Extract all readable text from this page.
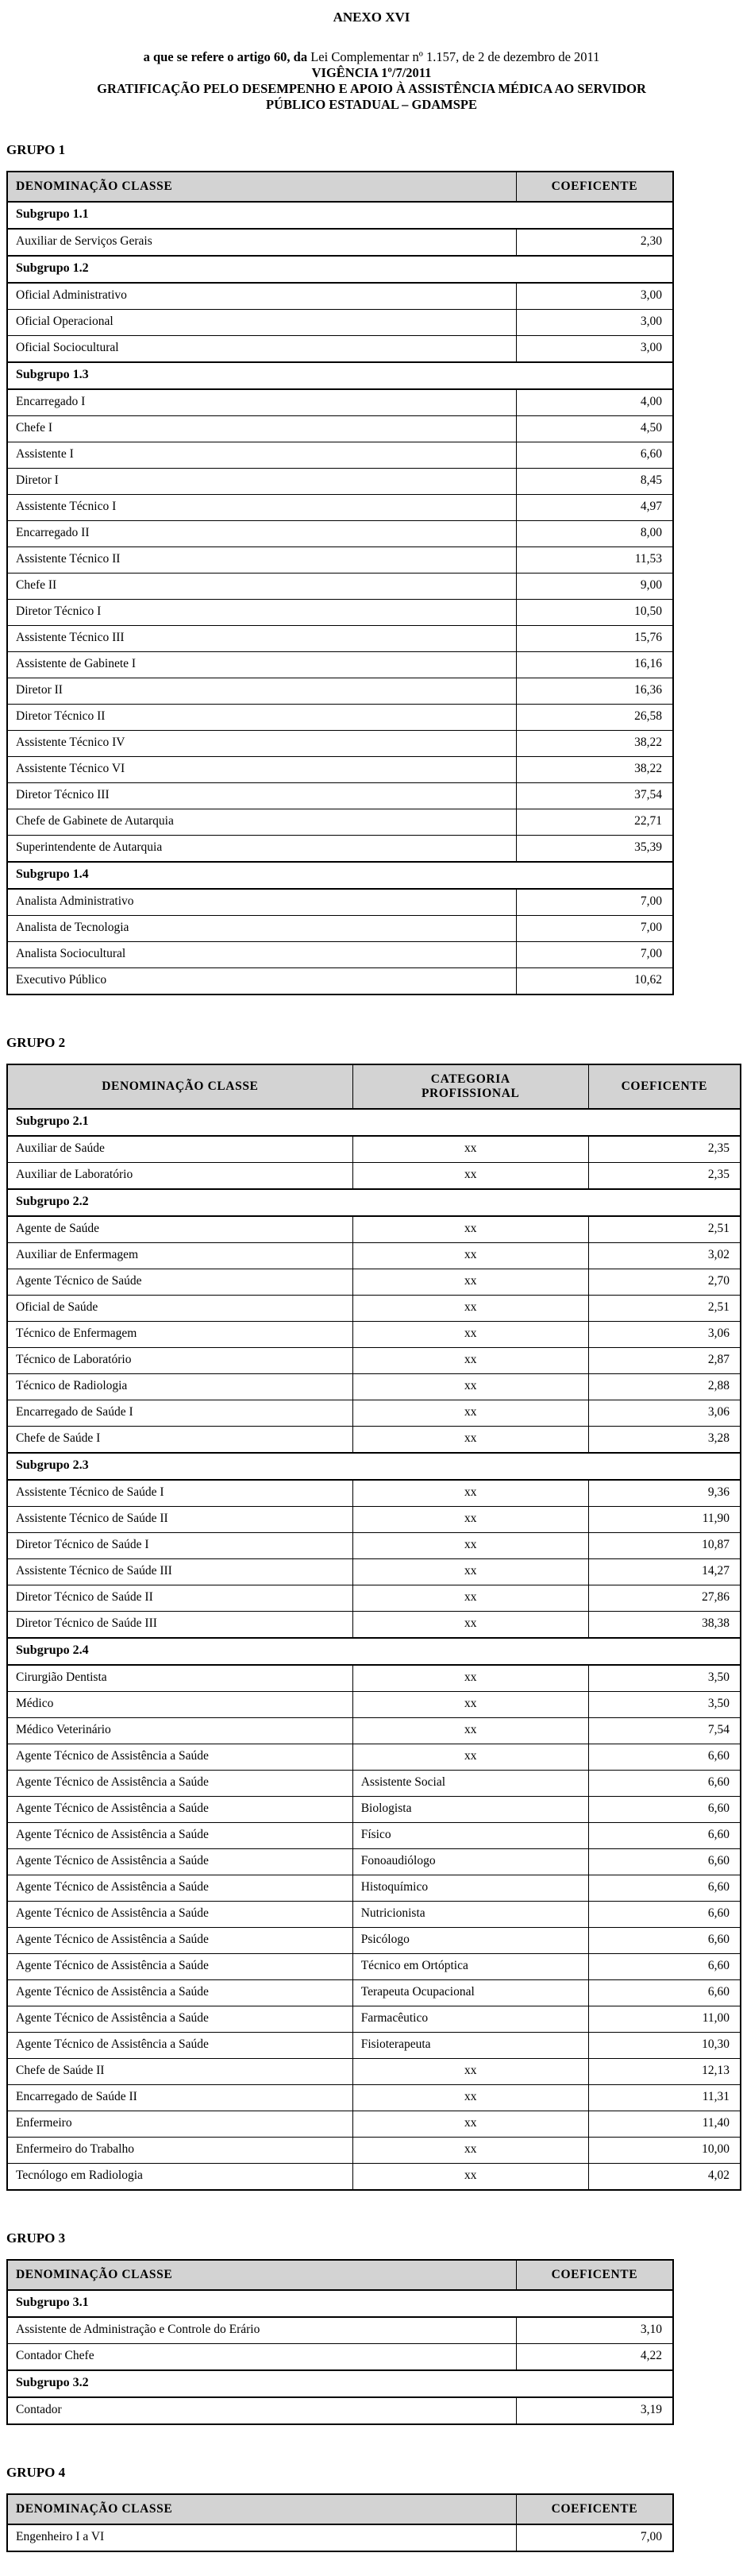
ANEXO XVI

a que se refere o artigo 60, da Lei Complementar nº 1.157, de 2 de dezembro de 2011
VIGÊNCIA 1º/7/2011
GRATIFICAÇÃO PELO DESEMPENHO E APOIO À ASSISTÊNCIA MÉDICA AO SERVIDOR
PÚBLICO ESTADUAL – GDAMSPE
GRUPO 1
DENOMINAÇÃO CLASSE	COEFICENTE
Subgrupo 1.1	
Auxiliar de Serviços Gerais	2,30
Subgrupo 1.2	
Oficial Administrativo	3,00
Oficial Operacional	3,00
Oficial Sociocultural	3,00
Subgrupo 1.3	
Encarregado I	4,00
Chefe I	4,50
Assistente I	6,60
Diretor I	8,45
Assistente Técnico I	4,97
Encarregado II	8,00
Assistente Técnico II	11,53
Chefe II	9,00
Diretor Técnico I	10,50
Assistente Técnico III	15,76
Assistente de Gabinete I	16,16
Diretor II	16,36
Diretor Técnico II	26,58
Assistente Técnico IV	38,22
Assistente Técnico VI	38,22
Diretor Técnico III	37,54
Chefe de Gabinete de Autarquia	22,71
Superintendente de Autarquia	35,39
Subgrupo 1.4	
Analista Administrativo	7,00
Analista de Tecnologia	7,00
Analista Sociocultural	7,00
Executivo Público	10,62
GRUPO 2
DENOMINAÇÃO CLASSE	CATEGORIA PROFISSIONAL	COEFICENTE
Subgrupo 2.1		
Auxiliar de Saúde	xx	2,35
Auxiliar de Laboratório	xx	2,35
Subgrupo 2.2		
Agente de Saúde	xx	2,51
Auxiliar de Enfermagem	xx	3,02
Agente Técnico de Saúde	xx	2,70
Oficial de Saúde	xx	2,51
Técnico de Enfermagem	xx	3,06
Técnico de Laboratório	xx	2,87
Técnico de Radiologia	xx	2,88
Encarregado de Saúde I	xx	3,06
Chefe de Saúde I	xx	3,28
Subgrupo 2.3		
Assistente Técnico de Saúde I	xx	9,36
Assistente Técnico de Saúde II	xx	11,90
Diretor Técnico de Saúde I	xx	10,87
Assistente Técnico de Saúde III	xx	14,27
Diretor Técnico de Saúde II	xx	27,86
Diretor Técnico de Saúde III	xx	38,38
Subgrupo 2.4		
Cirurgião Dentista	xx	3,50
Médico	xx	3,50
Médico Veterinário	xx	7,54
Agente Técnico de Assistência a Saúde	xx	6,60
Agente Técnico de Assistência a Saúde	Assistente Social	6,60
Agente Técnico de Assistência a Saúde	Biologista	6,60
Agente Técnico de Assistência a Saúde	Físico	6,60
Agente Técnico de Assistência a Saúde	Fonoaudiólogo	6,60
Agente Técnico de Assistência a Saúde	Histoquímico	6,60
Agente Técnico de Assistência a Saúde	Nutricionista	6,60
Agente Técnico de Assistência a Saúde	Psicólogo	6,60
Agente Técnico de Assistência a Saúde	Técnico em Ortóptica	6,60
Agente Técnico de Assistência a Saúde	Terapeuta Ocupacional	6,60
Agente Técnico de Assistência a Saúde	Farmacêutico	11,00
Agente Técnico de Assistência a Saúde	Fisioterapeuta	10,30
Chefe de Saúde II	xx	12,13
Encarregado de Saúde II	xx	11,31
Enfermeiro	xx	11,40
Enfermeiro do Trabalho	xx	10,00
Tecnólogo em Radiologia	xx	4,02
GRUPO 3
DENOMINAÇÃO CLASSE	COEFICENTE
Subgrupo 3.1	
Assistente de Administração e Controle do Erário	3,10
Contador Chefe	4,22
Subgrupo 3.2	
Contador	3,19
GRUPO 4
DENOMINAÇÃO CLASSE	COEFICENTE
Engenheiro I a VI	7,00
